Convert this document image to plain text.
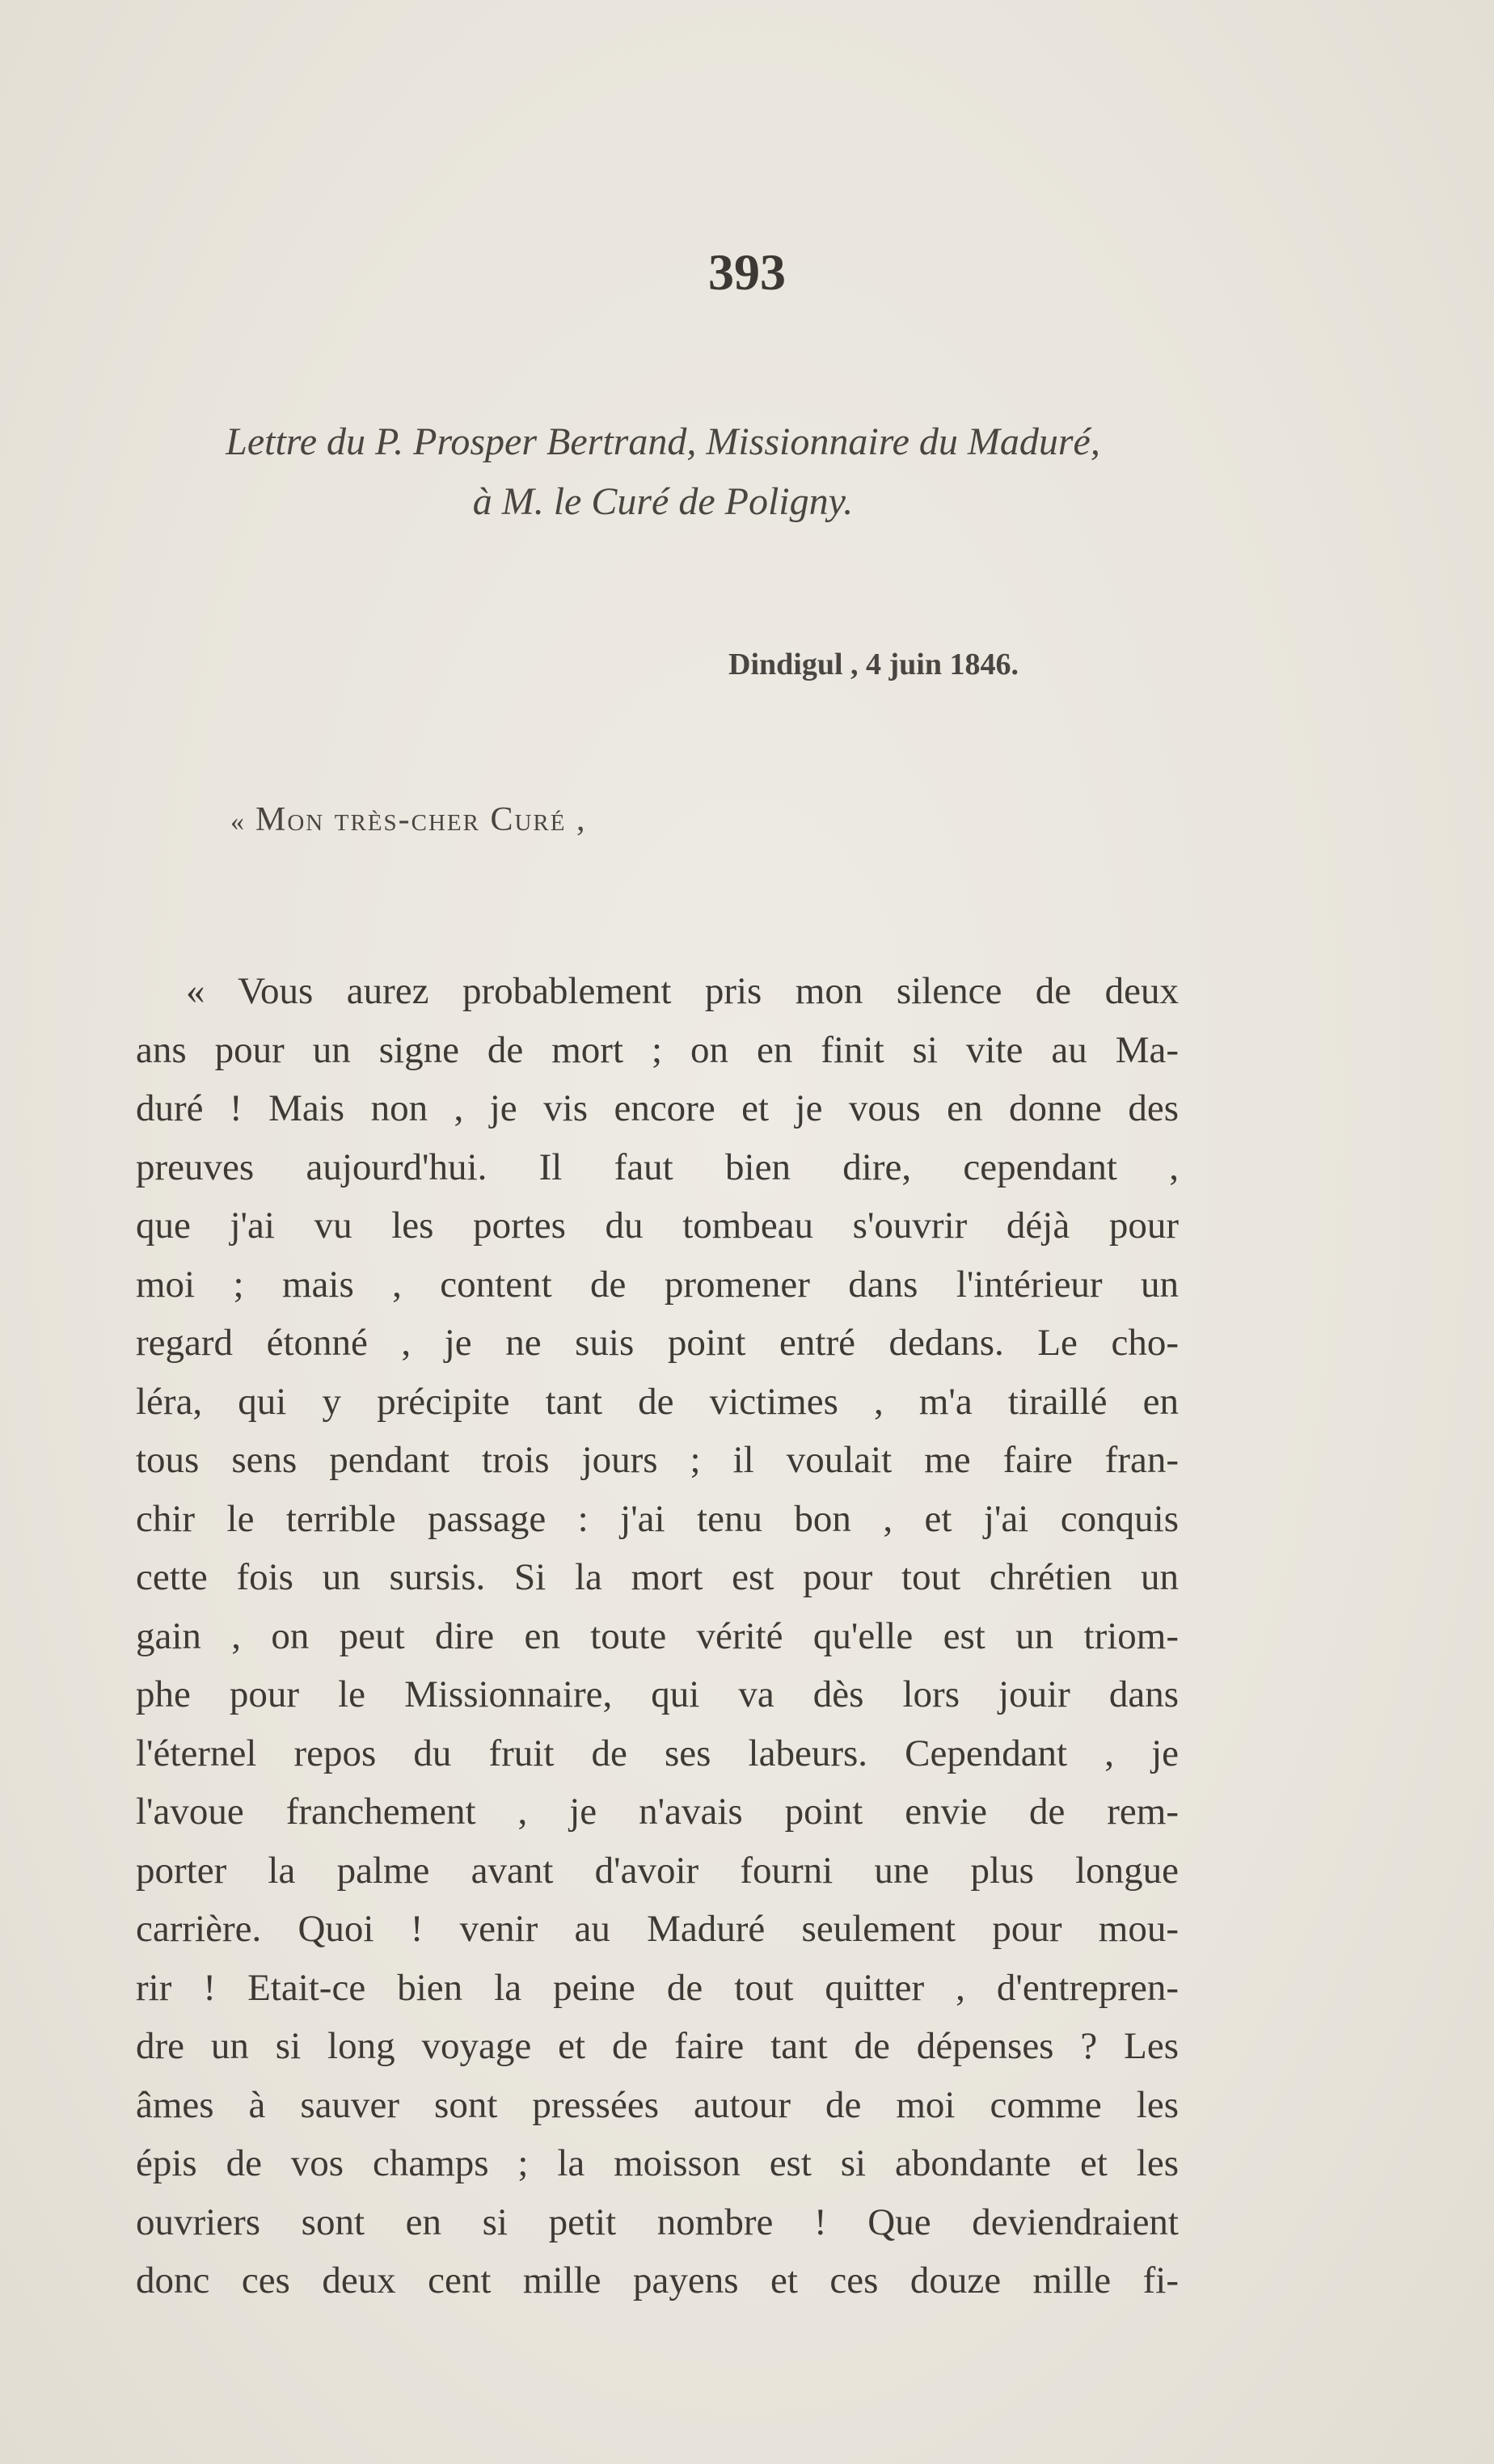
393
Lettre du P. Prosper Bertrand, Missionnaire du Maduré,
à M. le Curé de Poligny.
Dindigul , 4 juin 1846.
« Mon très-cher Curé ,
« Vous aurez probablement pris mon silence de deux
ans pour un signe de mort ; on en finit si vite au Ma-
duré ! Mais non , je vis encore et je vous en donne des
preuves aujourd'hui. Il faut bien dire, cependant ,
que j'ai vu les portes du tombeau s'ouvrir déjà pour
moi ; mais , content de promener dans l'intérieur un
regard étonné , je ne suis point entré dedans. Le cho-
léra, qui y précipite tant de victimes , m'a tiraillé en
tous sens pendant trois jours ; il voulait me faire fran-
chir le terrible passage : j'ai tenu bon , et j'ai conquis
cette fois un sursis. Si la mort est pour tout chrétien un
gain , on peut dire en toute vérité qu'elle est un triom-
phe pour le Missionnaire, qui va dès lors jouir dans
l'éternel repos du fruit de ses labeurs. Cependant , je
l'avoue franchement , je n'avais point envie de rem-
porter la palme avant d'avoir fourni une plus longue
carrière. Quoi ! venir au Maduré seulement pour mou-
rir ! Etait-ce bien la peine de tout quitter , d'entrepren-
dre un si long voyage et de faire tant de dépenses ? Les
âmes à sauver sont pressées autour de moi comme les
épis de vos champs ; la moisson est si abondante et les
ouvriers sont en si petit nombre ! Que deviendraient
donc ces deux cent mille payens et ces douze mille fi-
